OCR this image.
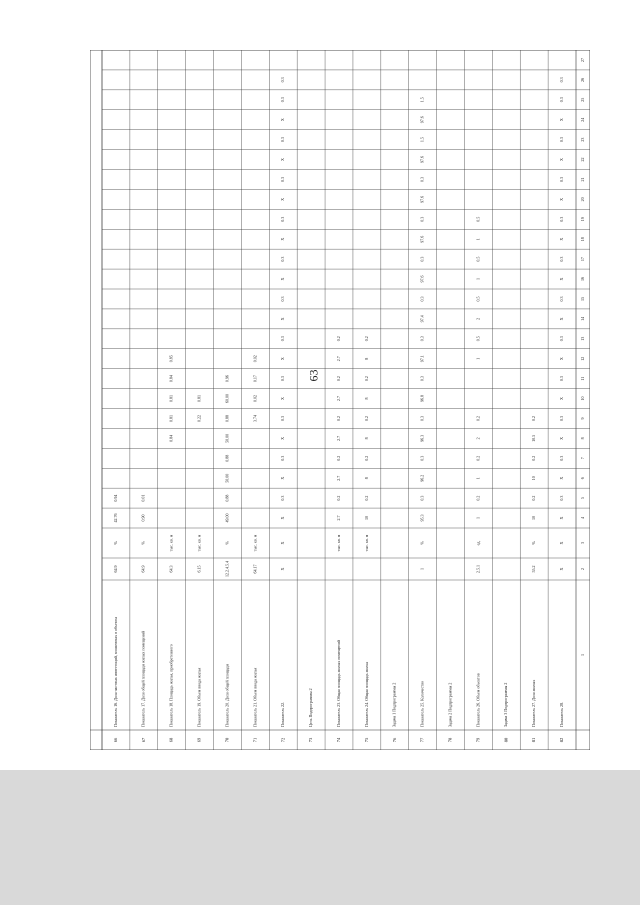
63
1
2
3
4
5
6
7
8
9
10
11
12
13
14
15
16
17
18
19
20
21
22
23
24
25
26
27
66
Показатель 16. Доля частных инвестиций, вложенных в объекты
64.9
%
42.76
0.94
67
Показатель 17. Доля общей площади жилых помещений
64.9
%
0.90
0.01
68
Показатель 18. Площадь жилья, приобретенного
64.3
тыс. кв. м
0.84
0.81
0.81
0.84
0.85
69
Показатель 19. Объем ввода жилья
6.15
тыс. кв. м
0.22
0.81
70
Показатель 20. Доля общей площади
12.2.4.5.4
%
49.00
0.88
50.00
0.88
50.00
0.88
60.00
0.96
71
Показатель 21. Объем ввода жилья
64.17
тыс. кв. м
3.74
0.02
0.17
0.02
72
Показатель 22.
X
X
X
0.3
X
0.3
X
0.3
X
0.3
X
0.3
X
0.3
X
0.3
X
0.3
X
0.3
X
0.3
X
0.3
0.3
73
Цель Подпрограммы 2
74
Показатель 23. Общая площадь жилых помещений
тыс. кв. м
2.7
0.2
2.7
0.2
2.7
0.2
2.7
0.2
2.7
0.2
75
Показатель 24. Общая площадь жилья
тыс. кв. м
10
0.2
8
0.2
8
0.2
8
0.2
8
0.2
76
Задача 1 Подпрограммы 2
77
Показатель 25. Количество
1
%
95.3
0.3
96.2
0.3
96.3
0.3
96.8
0.3
97.1
0.3
97.4
0.3
97.6
0.3
97.6
0.3
97.6
0.3
97.6
1.5
97.6
1.5
78
Задача 2 Подпрограммы 2
79
Показатель 26. Объем объектов
2.5.1
ед.
1
0.2
1
0.2
2
0.2
1
0.5
2
0.5
1
0.5
1
0.5
80
Задача 3 Подпрограммы 2
81
Показатель 27. Доля жилых
55.2
%
10
0.2
10
0.2
10.5
0.2
82
Показатель 28.
X
X
X
0.3
X
0.3
X
0.3
X
0.3
X
0.3
X
0.3
X
0.3
X
0.3
X
0.3
X
0.3
X
0.3
0.3
